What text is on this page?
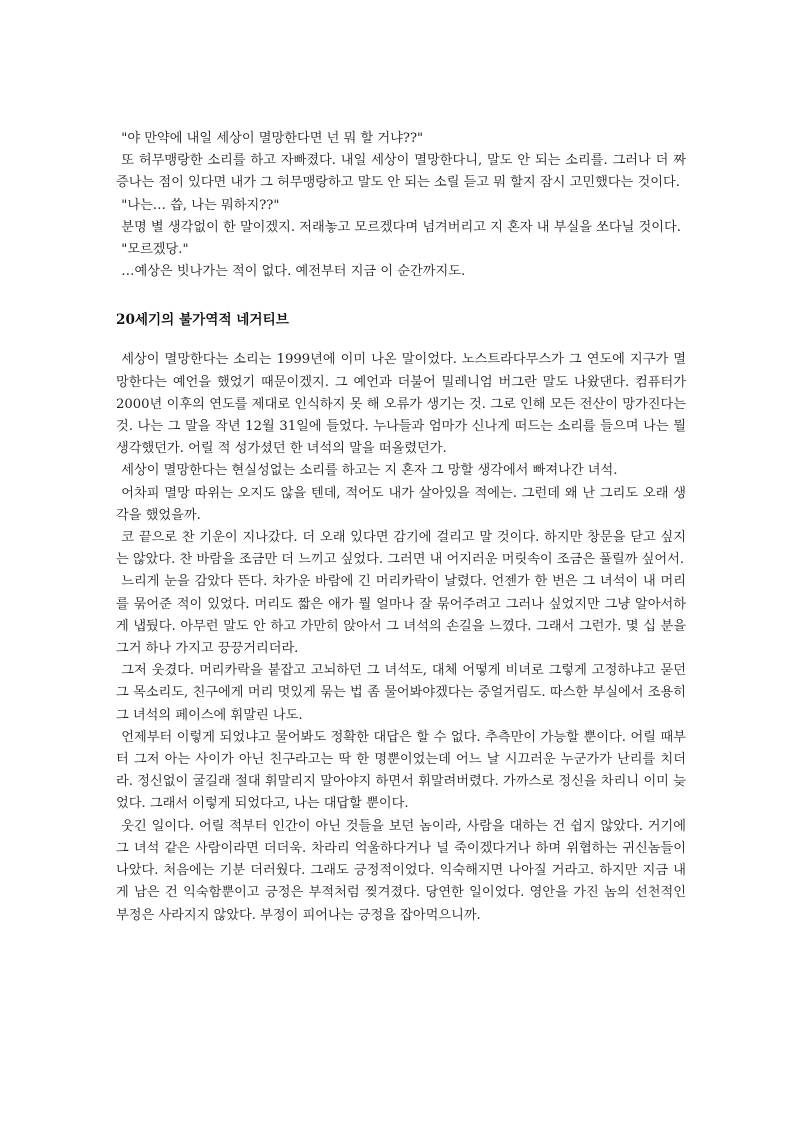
"야 만약에 내일 세상이 멸망한다면 넌 뭐 할 거냐??"

또 허무맹랑한 소리를 하고 자빠졌다. 내일 세상이 멸망한다니, 말도 안 되는 소리를. 그러나 더 짜증나는 점이 있다면 내가 그 허무맹랑하고 말도 안 되는 소릴 듣고 뭐 할지 잠시 고민했다는 것이다.

"나는… 씁, 나는 뭐하지??"

분명 별 생각없이 한 말이겠지. 저래놓고 모르겠다며 넘겨버리고 지 혼자 내 부실을 쏘다닐 것이다.

"모르겠당."

…예상은 빗나가는 적이 없다. 예전부터 지금 이 순간까지도.

20세기의 불가역적 네거티브

세상이 멸망한다는 소리는 1999년에 이미 나온 말이었다. 노스트라다무스가 그 연도에 지구가 멸망한다는 예언을 했었기 때문이겠지. 그 예언과 더불어 밀레니엄 버그란 말도 나왔댄다. 컴퓨터가 2000년 이후의 연도를 제대로 인식하지 못 해 오류가 생기는 것. 그로 인해 모든 전산이 망가진다는 것. 나는 그 말을 작년 12월 31일에 들었다. 누나들과 엄마가 신나게 떠드는 소리를 들으며 나는 뭘 생각했던가. 어릴 적 성가셨던 한 녀석의 말을 떠올렸던가.

세상이 멸망한다는 현실성없는 소리를 하고는 지 혼자 그 망할 생각에서 빠져나간 녀석.

어차피 멸망 따위는 오지도 않을 텐데, 적어도 내가 살아있을 적에는. 그런데 왜 난 그리도 오래 생각을 했었을까.

코 끝으로 찬 기운이 지나갔다. 더 오래 있다면 감기에 걸리고 말 것이다. 하지만 창문을 닫고 싶지는 않았다. 찬 바람을 조금만 더 느끼고 싶었다. 그러면 내 어지러운 머릿속이 조금은 풀릴까 싶어서.

느리게 눈을 감았다 뜬다. 차가운 바람에 긴 머리카락이 날렸다. 언젠가 한 번은 그 녀석이 내 머리를 묶어준 적이 있었다. 머리도 짧은 애가 뭘 얼마나 잘 묶어주려고 그러나 싶었지만 그냥 알아서하게 냅뒀다. 아무런 말도 안 하고 가만히 앉아서 그 녀석의 손길을 느꼈다. 그래서 그런가. 몇 십 분을 그거 하나 가지고 끙끙거리더라.

그저 웃겼다. 머리카락을 붙잡고 고뇌하던 그 녀석도, 대체 어떻게 비녀로 그렇게 고정하냐고 묻던 그 목소리도, 친구에게 머리 멋있게 묶는 법 좀 물어봐야겠다는 중얼거림도. 따스한 부실에서 조용히 그 녀석의 페이스에 휘말린 나도.

언제부터 이렇게 되었냐고 물어봐도 정확한 대답은 할 수 없다. 추측만이 가능할 뿐이다. 어릴 때부터 그저 아는 사이가 아닌 친구라고는 딱 한 명뿐이었는데 어느 날 시끄러운 누군가가 난리를 치더라. 정신없이 굴길래 절대 휘말리지 말아야지 하면서 휘말려버렸다. 가까스로 정신을 차리니 이미 늦었다. 그래서 이렇게 되었다고, 나는 대답할 뿐이다.

웃긴 일이다. 어릴 적부터 인간이 아닌 것들을 보던 놈이라, 사람을 대하는 건 쉽지 않았다. 거기에 그 녀석 같은 사람이라면 더더욱. 차라리 억울하다거나 널 죽이겠다거나 하며 위협하는 귀신놈들이 나았다. 처음에는 기분 더러웠다. 그래도 긍정적이었다. 익숙해지면 나아질 거라고. 하지만 지금 내게 남은 건 익숙함뿐이고 긍정은 부적처럼 찢겨졌다. 당연한 일이었다. 영안을 가진 놈의 선천적인 부정은 사라지지 않았다. 부정이 피어나는 긍정을 잡아먹으니까.
